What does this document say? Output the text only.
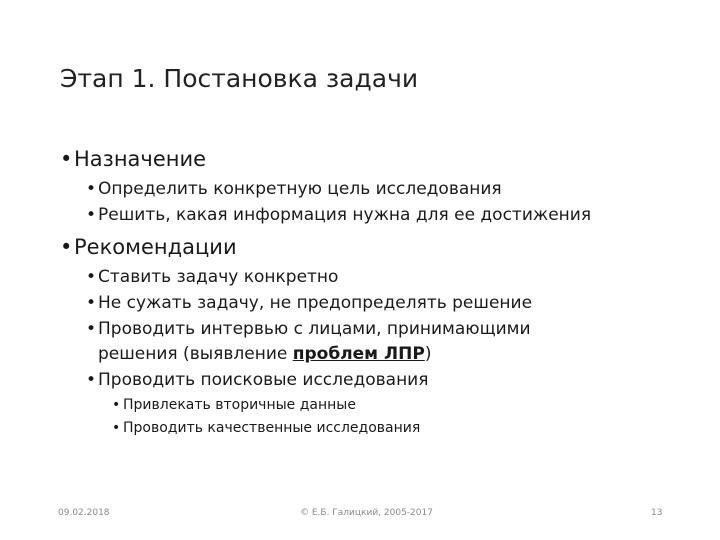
Этап 1. Постановка задачи
•Назначение
• Определить конкретную цель исследования
• Решить, какая информация нужна для ее достижения
•Рекомендации
• Ставить задачу конкретно
• Не сужать задачу, не предопределять решение
• Проводить интервью с лицами, принимающими
решения (выявление проблем ЛПР)
• Проводить поисковые исследования
• Привлекать вторичные данные
• Проводить качественные исследования
09.02.2018	© Е.Б. Галицкий, 2005-2017	13
